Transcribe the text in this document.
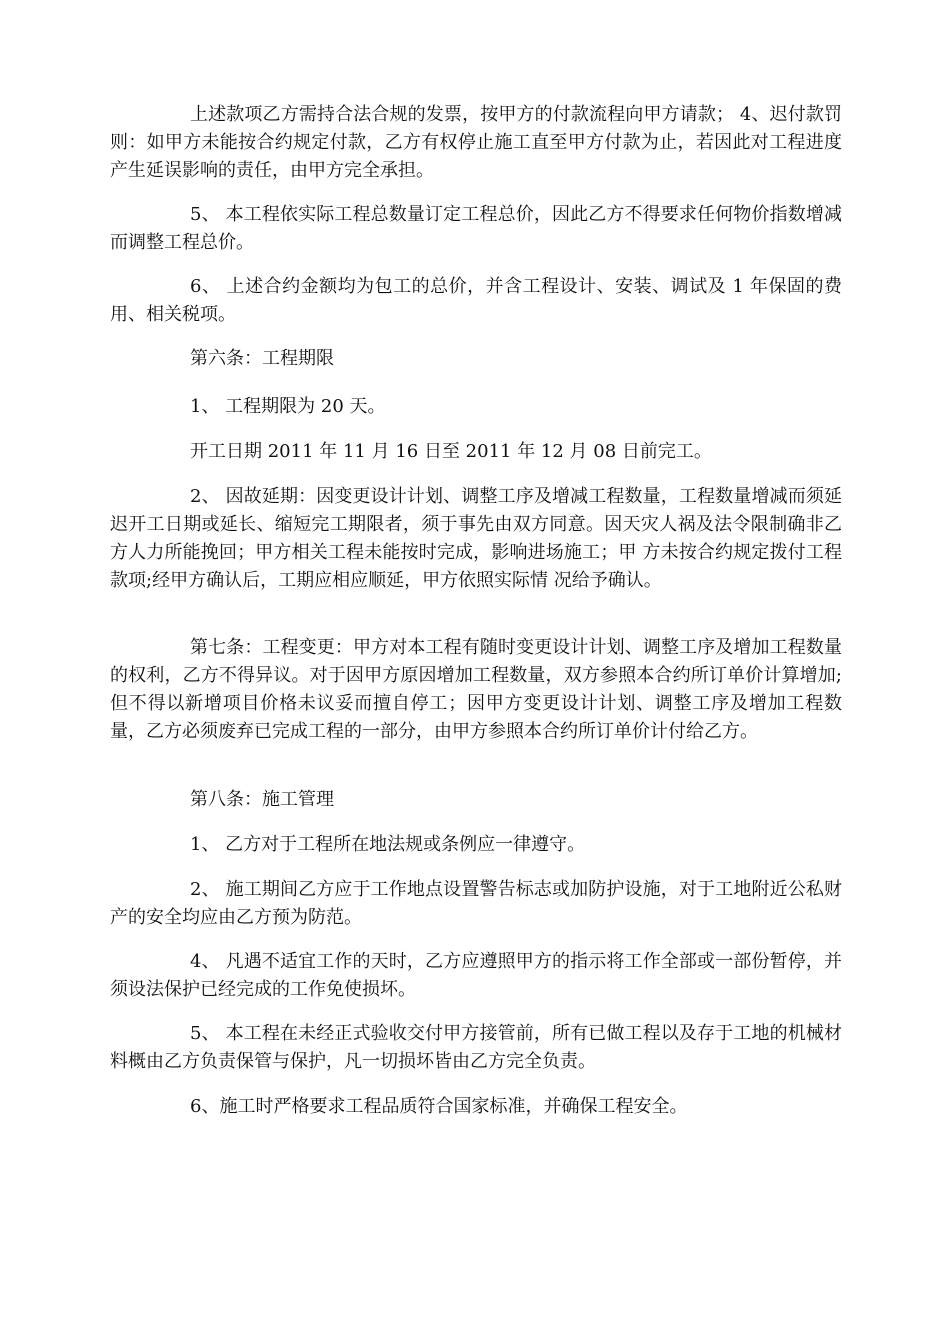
上述款项乙方需持合法合规的发票，按甲方的付款流程向甲方请款； 4、迟付款罚则：如甲方未能按合约规定付款，乙方有权停止施工直至甲方付款为止，若因此对工程进度产生延误影响的责任，由甲方完全承担。

5、 本工程依实际工程总数量订定工程总价，因此乙方不得要求任何物价指数增减而调整工程总价。

6、 上述合约金额均为包工的总价，并含工程设计、安装、调试及 1 年保固的费用、相关税项。

第六条：工程期限

1、 工程期限为 20 天。

开工日期 2011 年 11 月 16 日至 2011 年 12 月 08 日前完工。

2、 因故延期：因变更设计计划、调整工序及增减工程数量，工程数量增减而须延迟开工日期或延长、缩短完工期限者，须于事先由双方同意。因天灾人祸及法令限制确非乙方人力所能挽回；甲方相关工程未能按时完成，影响进场施工；甲 方未按合约规定拨付工程款项;经甲方确认后，工期应相应顺延，甲方依照实际情 况给予确认。

第七条：工程变更：甲方对本工程有随时变更设计计划、调整工序及增加工程数量的权利，乙方不得异议。对于因甲方原因增加工程数量，双方参照本合约所订单价计算增加;但不得以新增项目价格未议妥而擅自停工；因甲方变更设计计划、调整工序及增加工程数量，乙方必须废弃已完成工程的一部分，由甲方参照本合约所订单价计付给乙方。

第八条：施工管理

1、 乙方对于工程所在地法规或条例应一律遵守。

2、 施工期间乙方应于工作地点设置警告标志或加防护设施，对于工地附近公私财产的安全均应由乙方预为防范。

4、 凡遇不适宜工作的天时，乙方应遵照甲方的指示将工作全部或一部份暂停，并须设法保护已经完成的工作免使损坏。

5、 本工程在未经正式验收交付甲方接管前，所有已做工程以及存于工地的机械材料概由乙方负责保管与保护，凡一切损坏皆由乙方完全负责。

6、施工时严格要求工程品质符合国家标准，并确保工程安全。
